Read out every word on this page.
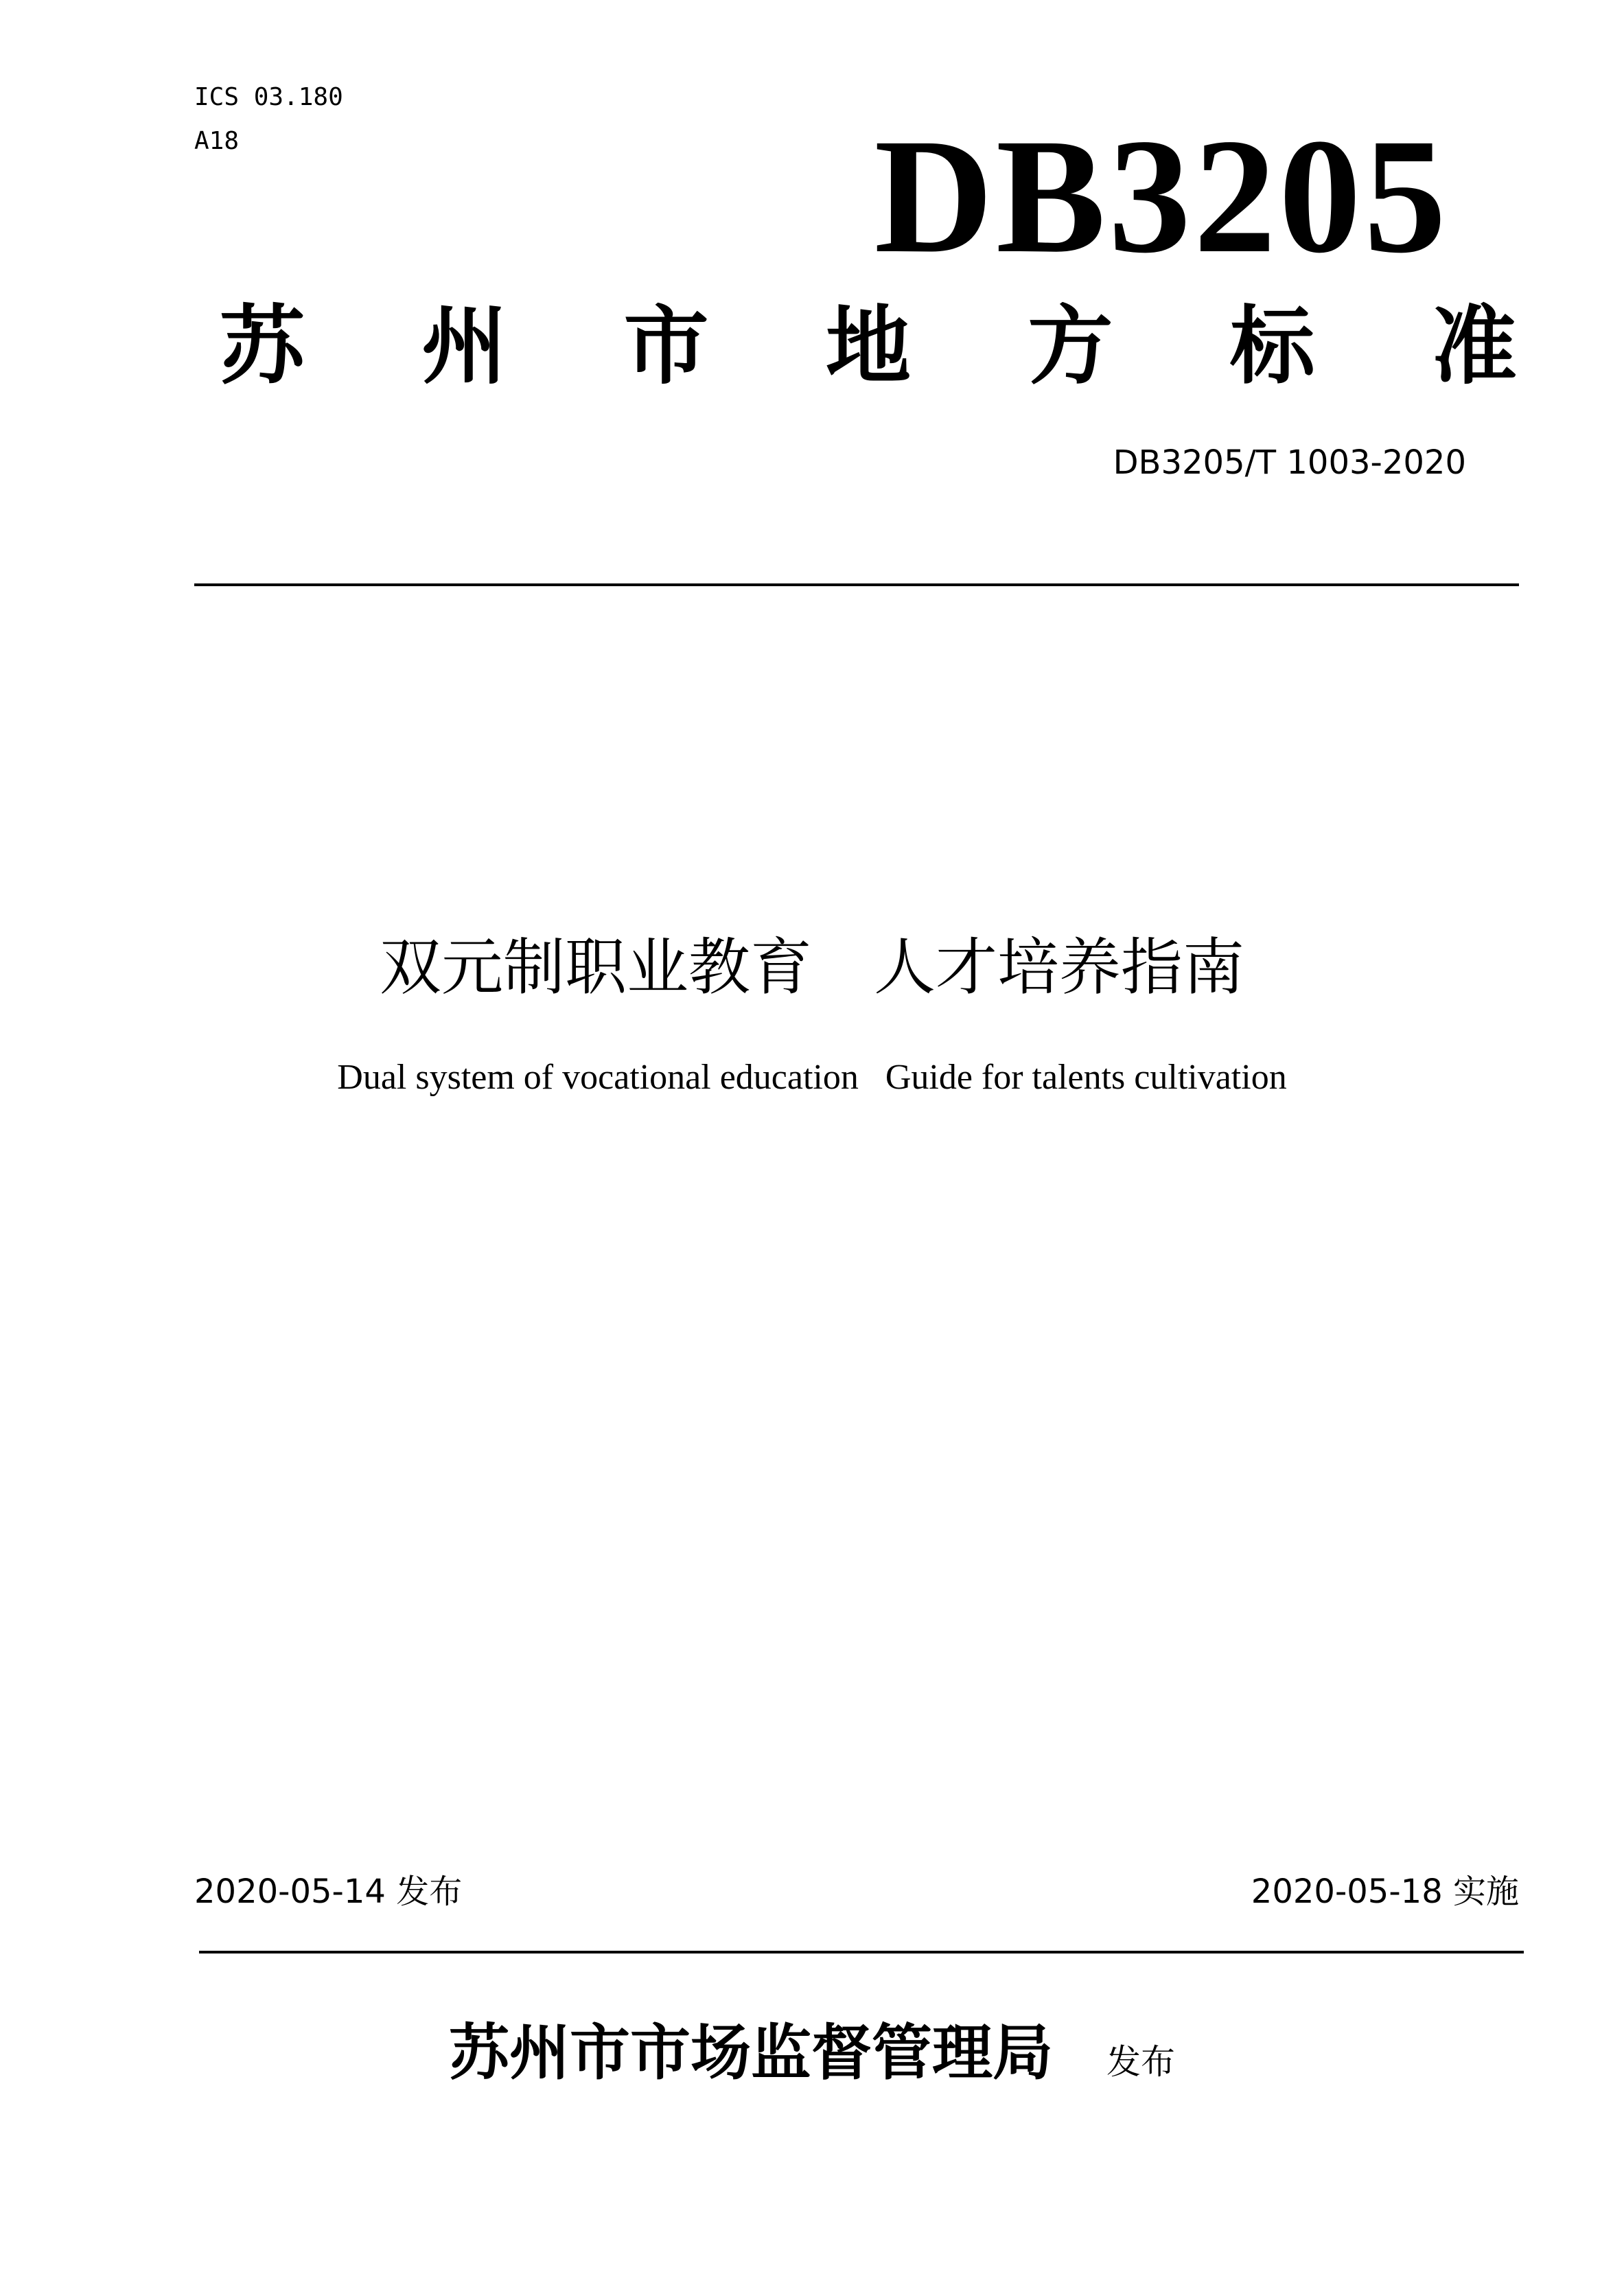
ICS 03.180
A18	DB3205
苏 州 市 地 方 标 准
DB3205/T 1003-2020
双元制职业教育　人才培养指南
Dual system of vocational education   Guide for talents cultivation
2020-05-14 发布	2020-05-18 实施
苏州市市场监督管理局 发布
